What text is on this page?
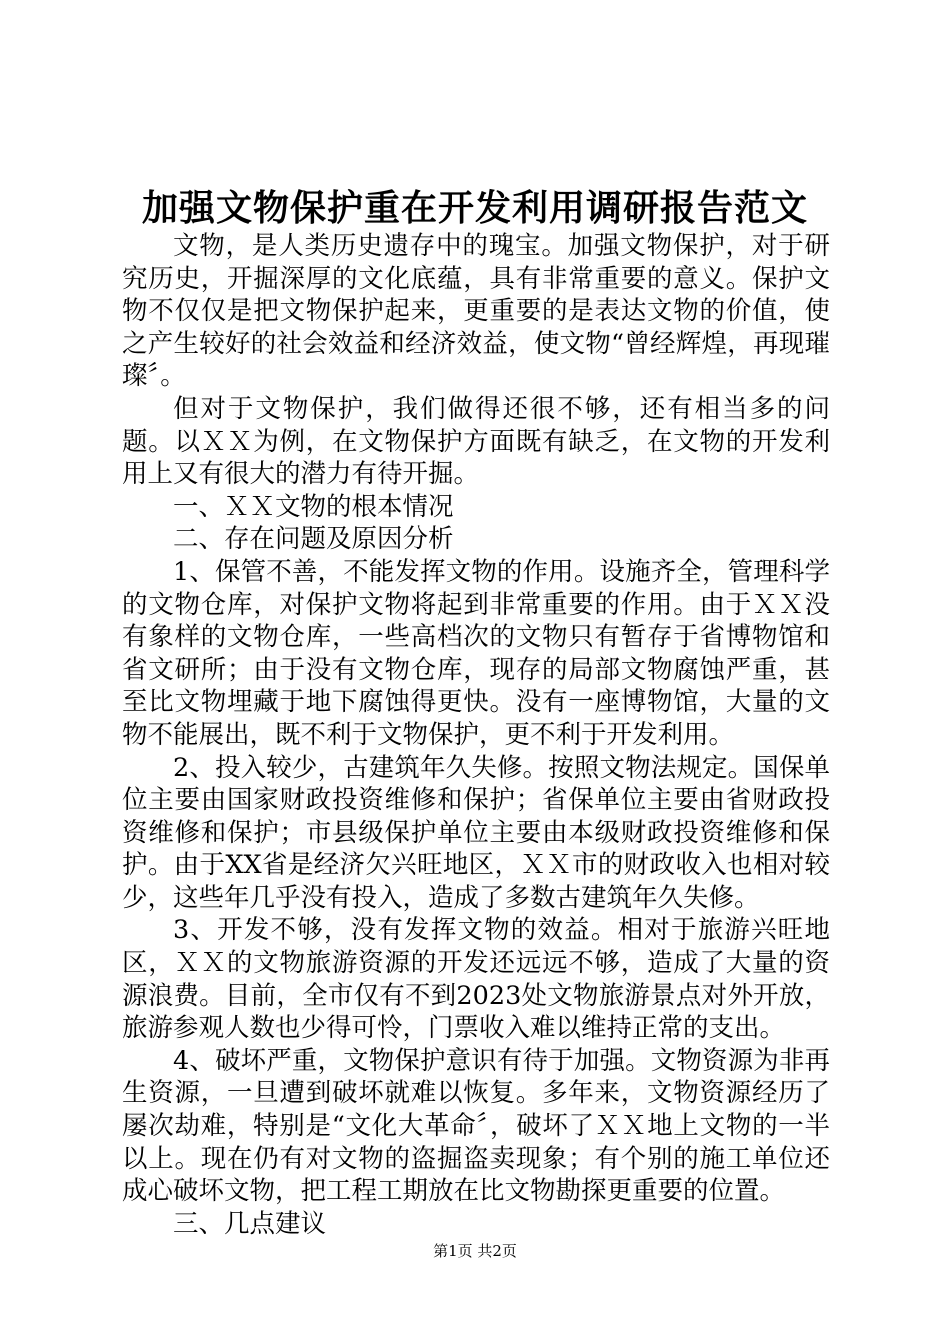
加强文物保护重在开发利用调研报告范文

文物，是人类历史遗存中的瑰宝。加强文物保护，对于研究历史，开掘深厚的文化底蕴，具有非常重要的意义。保护文物不仅仅是把文物保护起来，更重要的是表达文物的价值，使之产生较好的社会效益和经济效益，使文物“曾经辉煌，再现璀璨〞。

但对于文物保护，我们做得还很不够，还有相当多的问题。以ＸＸ为例，在文物保护方面既有缺乏，在文物的开发利用上又有很大的潜力有待开掘。

一、ＸＸ文物的根本情况

二、存在问题及原因分析

1、保管不善，不能发挥文物的作用。设施齐全，管理科学的文物仓库，对保护文物将起到非常重要的作用。由于ＸＸ没有象样的文物仓库，一些高档次的文物只有暂存于省博物馆和省文研所；由于没有文物仓库，现存的局部文物腐蚀严重，甚至比文物埋藏于地下腐蚀得更快。没有一座博物馆，大量的文物不能展出，既不利于文物保护，更不利于开发利用。

2、投入较少，古建筑年久失修。按照文物法规定。国保单位主要由国家财政投资维修和保护；省保单位主要由省财政投资维修和保护；市县级保护单位主要由本级财政投资维修和保护。由于XX省是经济欠兴旺地区，ＸＸ市的财政收入也相对较少，这些年几乎没有投入，造成了多数古建筑年久失修。

3、开发不够，没有发挥文物的效益。相对于旅游兴旺地区，ＸＸ的文物旅游资源的开发还远远不够，造成了大量的资源浪费。目前，全市仅有不到2023处文物旅游景点对外开放，旅游参观人数也少得可怜，门票收入难以维持正常的支出。

4、破坏严重，文物保护意识有待于加强。文物资源为非再生资源，一旦遭到破坏就难以恢复。多年来，文物资源经历了屡次劫难，特别是“文化大革命〞，破坏了ＸＸ地上文物的一半以上。现在仍有对文物的盗掘盗卖现象；有个别的施工单位还成心破坏文物，把工程工期放在比文物勘探更重要的位置。

三、几点建议

第1页 共2页
